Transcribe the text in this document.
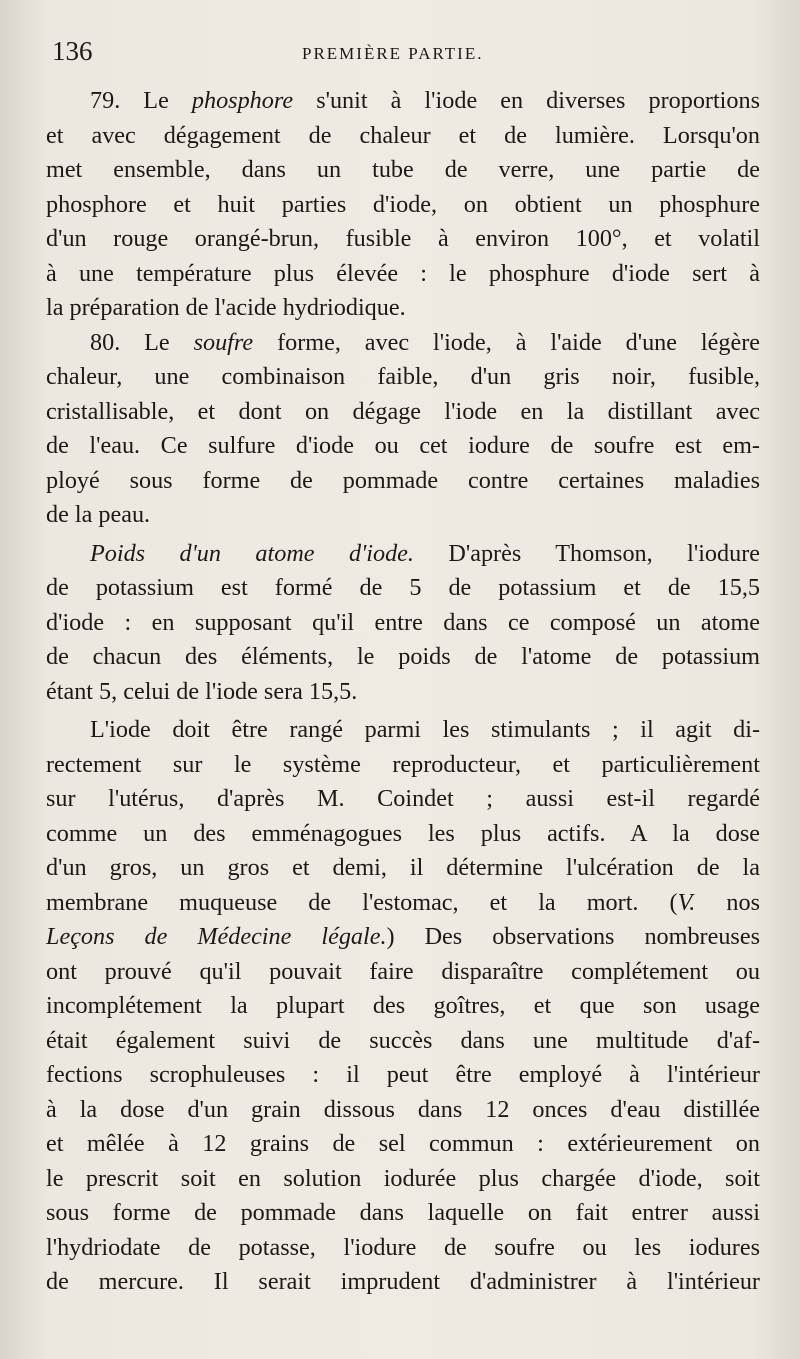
136	PREMIÈRE PARTIE.
79. Le phosphore s'unit à l'iode en diverses proportions
et avec dégagement de chaleur et de lumière. Lorsqu'on
met ensemble, dans un tube de verre, une partie de
phosphore et huit parties d'iode, on obtient un phosphure
d'un rouge orangé-brun, fusible à environ 100°, et volatil
à une température plus élevée : le phosphure d'iode sert à
la préparation de l'acide hydriodique.
80. Le soufre forme, avec l'iode, à l'aide d'une légère
chaleur, une combinaison faible, d'un gris noir, fusible,
cristallisable, et dont on dégage l'iode en la distillant avec
de l'eau. Ce sulfure d'iode ou cet iodure de soufre est em-
ployé sous forme de pommade contre certaines maladies
de la peau.
Poids d'un atome d'iode. D'après Thomson, l'iodure
de potassium est formé de 5 de potassium et de 15,5
d'iode : en supposant qu'il entre dans ce composé un atome
de chacun des éléments, le poids de l'atome de potassium
étant 5, celui de l'iode sera 15,5.
L'iode doit être rangé parmi les stimulants ; il agit di-
rectement sur le système reproducteur, et particulièrement
sur l'utérus, d'après M. Coindet ; aussi est-il regardé
comme un des emménagogues les plus actifs. A la dose
d'un gros, un gros et demi, il détermine l'ulcération de la
membrane muqueuse de l'estomac, et la mort. (V. nos
Leçons de Médecine légale.) Des observations nombreuses
ont prouvé qu'il pouvait faire disparaître complétement ou
incomplétement la plupart des goîtres, et que son usage
était également suivi de succès dans une multitude d'af-
fections scrophuleuses : il peut être employé à l'intérieur
à la dose d'un grain dissous dans 12 onces d'eau distillée
et mêlée à 12 grains de sel commun : extérieurement on
le prescrit soit en solution iodurée plus chargée d'iode, soit
sous forme de pommade dans laquelle on fait entrer aussi
l'hydriodate de potasse, l'iodure de soufre ou les iodures
de mercure. Il serait imprudent d'administrer à l'intérieur
